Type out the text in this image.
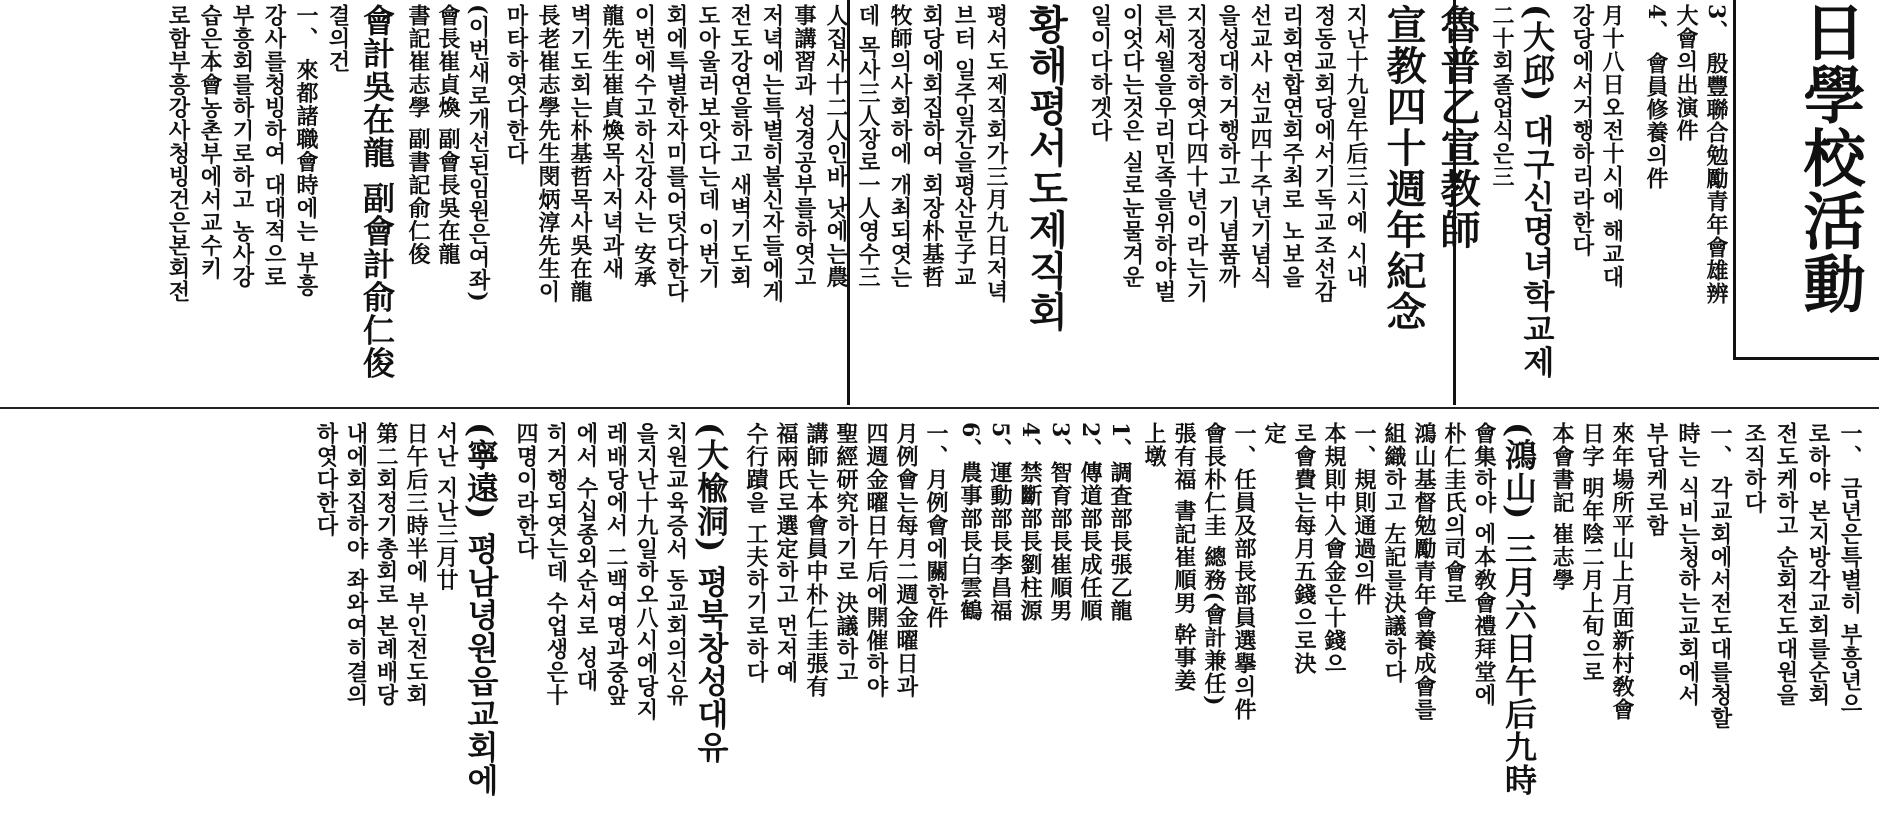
日學校活動
3、 殷豐聯合勉勵青年會雄辨
大會의出演件
4、 會員修養의件
月十八日오전十시에 해교대
강당에서거행하리라한다
(大邱) 대구신명녀학교제
二十회졸업식은三
魯普乙宣教師
宣教四十週年紀念
지난十九일午后三시에 시내
정동교회당에서기독교조선감
리회연합연회주최로 노보을
선교사 선교四十주년기념식
을성대히거행하고 기념품까
지징정하엿다四十년이라는기
른세월을우리민족을위하야벌
이엇다는것은 실로눈물겨운
일이다하겟다
황해평서도제직회
평서도제직회가三月九日저녁
브터 일주일간을평산문子교
회당에회집하여 회장朴基哲
牧師의사회하에 개최되엿는
데 목사三人장로一人영수三
人집사十二人인바 낫에는農
事講習과 성경공부를하엿고
저녁에는특별히불신자들에게
전도강연을하고 새벽기도회
도아울러보앗다는데 이번기
회에특별한자미를어덧다한다
이번에수고하신강사는 安承
龍先生崔貞煥목사저녁과새
벽기도회는朴基哲목사吳在龍
長老崔志學先生閔炳淳先生이
마타하엿다한다
(이번새로개선된임원은여좌)
會長崔貞煥 副會長吳在龍
書記崔志學 副書記俞仁俊
會計吳在龍 副會計俞仁俊
결의건
一、 來都諸職會時에는 부흥
강사를청빙하여 대대적으로
부흥회를하기로하고 농사강
습은本會농촌부에서교수키
로함부흥강사청빙건은본회전
一、 금년은특별히 부흥년으
로하야 본지방각교회를순회
전도케하고 순회전도대원을
조직하다
一、 각교회에서전도대를청할
時는 식비는청하는교회에서
부담케로함
來年場所平山上月面新村敎會
日字 明年陰二月上旬으로
本會書記 崔志學
(鴻山) 三月六日午后九時
會集하야 에本敎會禮拜堂에
朴仁圭氏의司會로
鴻山基督勉勵青年會養成會를
組織하고 左記를決議하다
一、規則通過의件
本規則中入會金은十錢으
로會費는每月五錢으로決
定
一、任員及部長部員選擧의件
會長朴仁圭 總務(會計兼任)
張有福 書記崔順男 幹事姜
上墩
1、調査部長張乙龍
2、傳道部長成任順
3、智育部長崔順男
4、禁斷部長劉柱源
5、運動部長李昌福
6、農事部長白雲鶴
一、月例會에關한件
月例會는每月二週金曜日과
四週金曜日午后에開催하야
聖經研究하기로 決議하고
講師는本會員中朴仁圭張有
福兩氏로選定하고 먼저예
수行蹟을 工夫하기로하다
(大楡洞) 평북창성대유
치원교육증서 동교회의신유
을지난十九일하오八시에당지
레배당에서 二백여명과중앞
에서 수십종외순서로 성대
히거행되엿는데 수업생은十
四명이라한다
(寧遠) 평남녕원읍교회에
서난 지난三月廿
日午后三時半에 부인전도회
第二회정기총회로 본례배당
내에회집하야 좌와여히결의
하엿다한다
